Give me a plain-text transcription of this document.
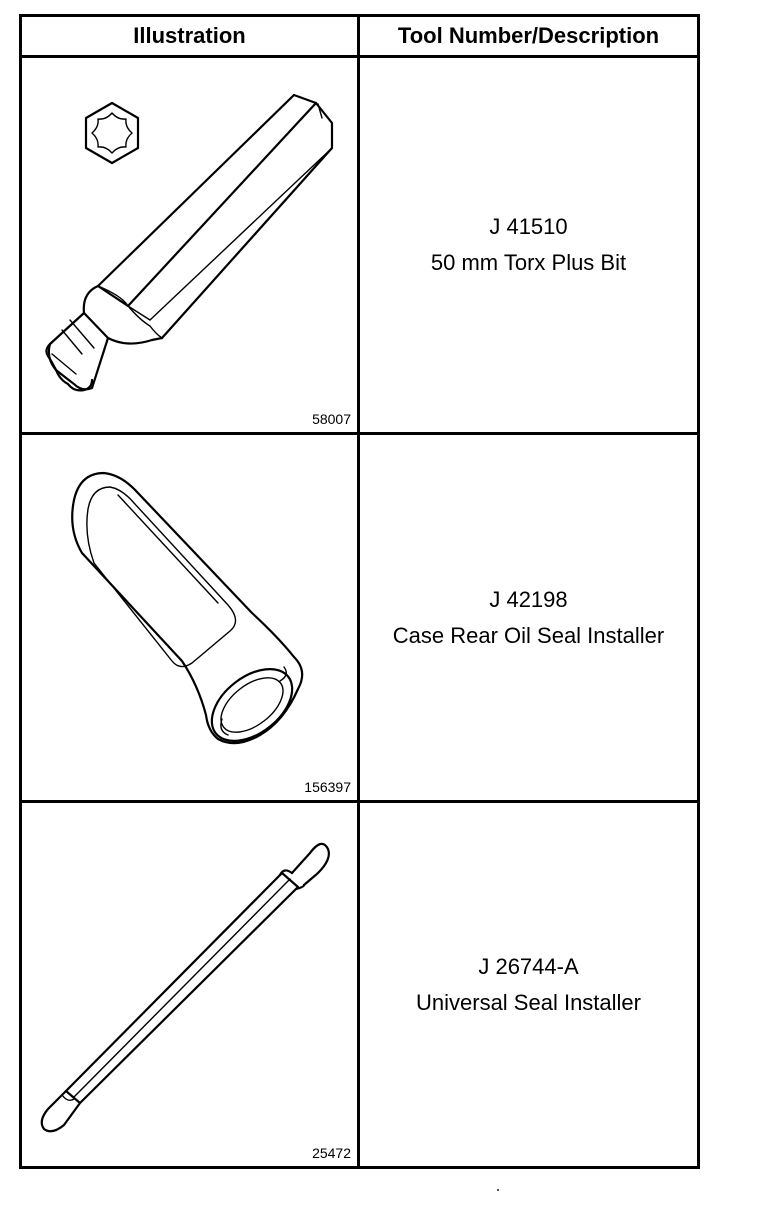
Illustration	Tool Number/Description
58007
J 41510
50 mm Torx Plus Bit
156397
J 42198
Case Rear Oil Seal Installer
25472
J 26744-A
Universal Seal Installer
